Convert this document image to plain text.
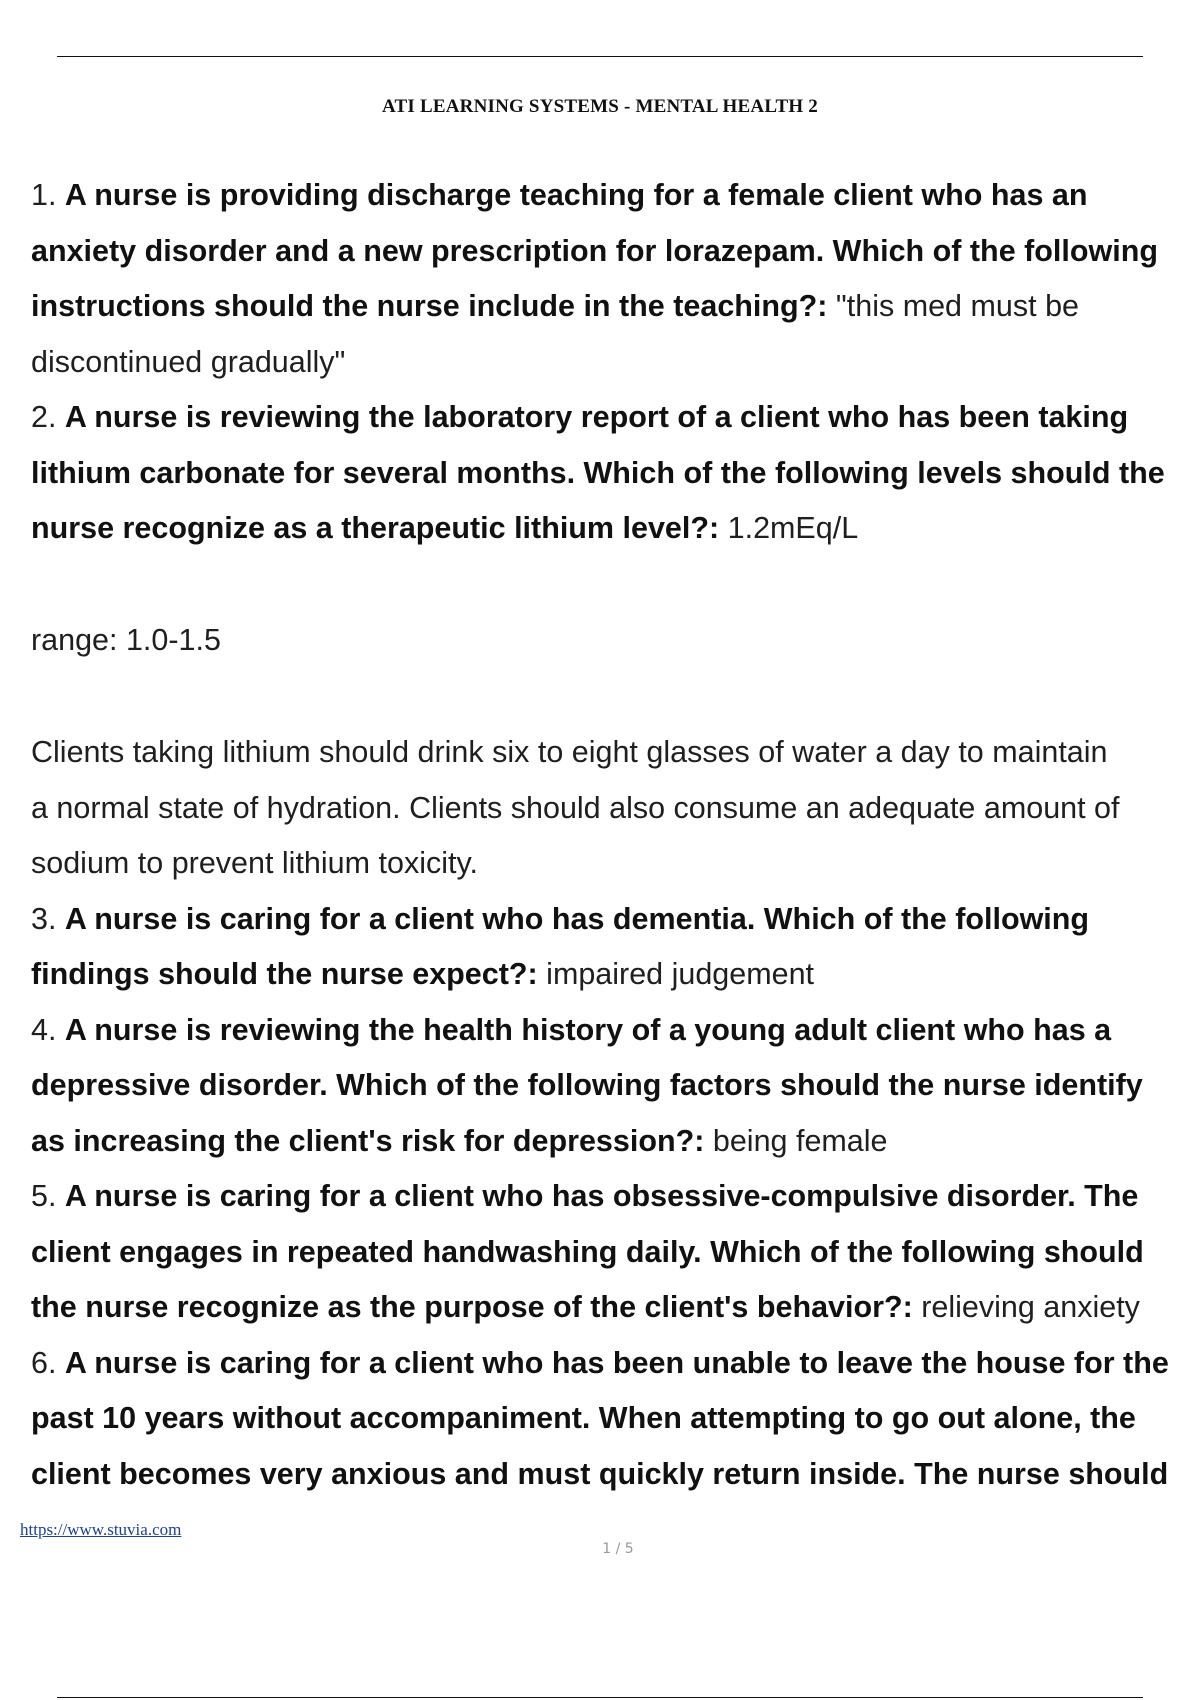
ATI LEARNING SYSTEMS - MENTAL HEALTH 2
1. A nurse is providing discharge teaching for a female client who has an
anxiety disorder and a new prescription for lorazepam. Which of the following
instructions should the nurse include in the teaching?: "this med must be
discontinued gradually"
2. A nurse is reviewing the laboratory report of a client who has been taking
lithium carbonate for several months. Which of the following levels should the
nurse recognize as a therapeutic lithium level?: 1.2mEq/L
range: 1.0-1.5
Clients taking lithium should drink six to eight glasses of water a day to maintain
a normal state of hydration. Clients should also consume an adequate amount of
sodium to prevent lithium toxicity.
3. A nurse is caring for a client who has dementia. Which of the following
findings should the nurse expect?: impaired judgement
4. A nurse is reviewing the health history of a young adult client who has a
depressive disorder. Which of the following factors should the nurse identify
as increasing the client's risk for depression?: being female
5. A nurse is caring for a client who has obsessive-compulsive disorder. The
client engages in repeated handwashing daily. Which of the following should
the nurse recognize as the purpose of the client's behavior?: relieving anxiety
6. A nurse is caring for a client who has been unable to leave the house for the
past 10 years without accompaniment. When attempting to go out alone, the
client becomes very anxious and must quickly return inside. The nurse should
https://www.stuvia.com
1 / 5
